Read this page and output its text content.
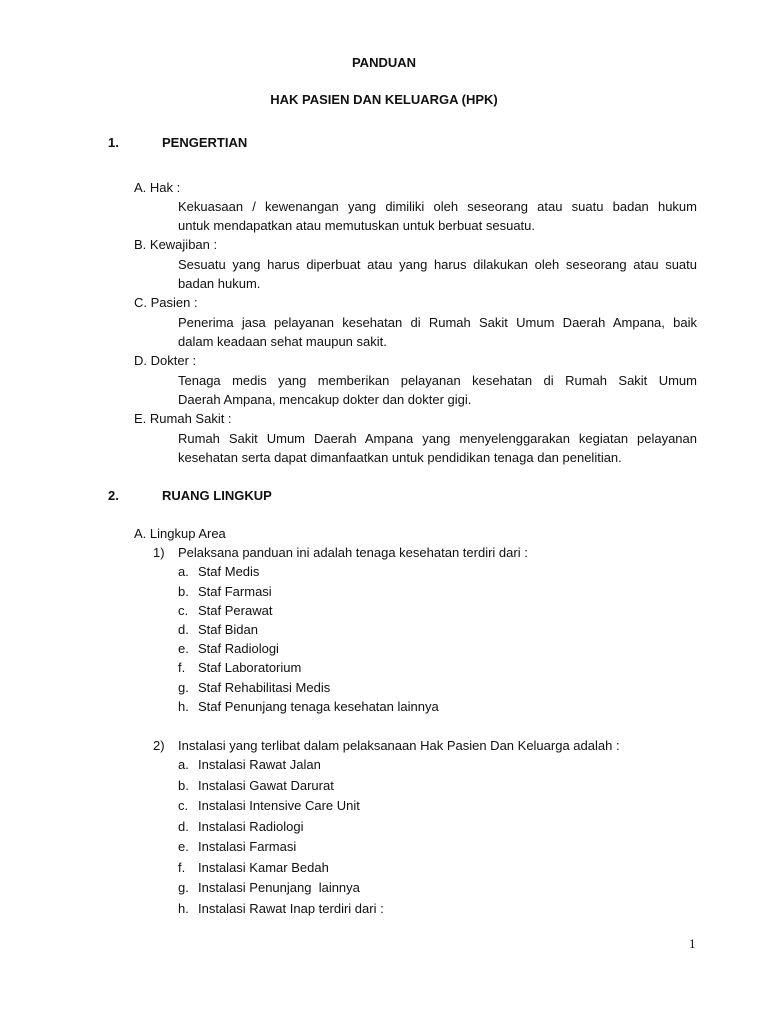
PANDUAN
HAK PASIEN DAN KELUARGA (HPK)
1.	PENGERTIAN
A. Hak :
Kekuasaan / kewenangan yang dimiliki oleh seseorang atau suatu badan hukum
untuk mendapatkan atau memutuskan untuk berbuat sesuatu.
B. Kewajiban :
Sesuatu yang harus diperbuat atau yang harus dilakukan oleh seseorang atau suatu
badan hukum.
C. Pasien :
Penerima jasa pelayanan kesehatan di Rumah Sakit Umum Daerah Ampana, baik
dalam keadaan sehat maupun sakit.
D. Dokter :
Tenaga medis yang memberikan pelayanan kesehatan di Rumah Sakit Umum
Daerah Ampana, mencakup dokter dan dokter gigi.
E. Rumah Sakit :
Rumah Sakit Umum Daerah Ampana yang menyelenggarakan kegiatan pelayanan
kesehatan serta dapat dimanfaatkan untuk pendidikan tenaga dan penelitian.
2.	RUANG LINGKUP
A. Lingkup Area
1) Pelaksana panduan ini adalah tenaga kesehatan terdiri dari :
a. Staf Medis
b. Staf Farmasi
c. Staf Perawat
d. Staf Bidan
e. Staf Radiologi
f. Staf Laboratorium
g. Staf Rehabilitasi Medis
h. Staf Penunjang tenaga kesehatan lainnya
2) Instalasi yang terlibat dalam pelaksanaan Hak Pasien Dan Keluarga adalah :
a. Instalasi Rawat Jalan
b. Instalasi Gawat Darurat
c. Instalasi Intensive Care Unit
d. Instalasi Radiologi
e. Instalasi Farmasi
f. Instalasi Kamar Bedah
g. Instalasi Penunjang  lainnya
h. Instalasi Rawat Inap terdiri dari :
1
